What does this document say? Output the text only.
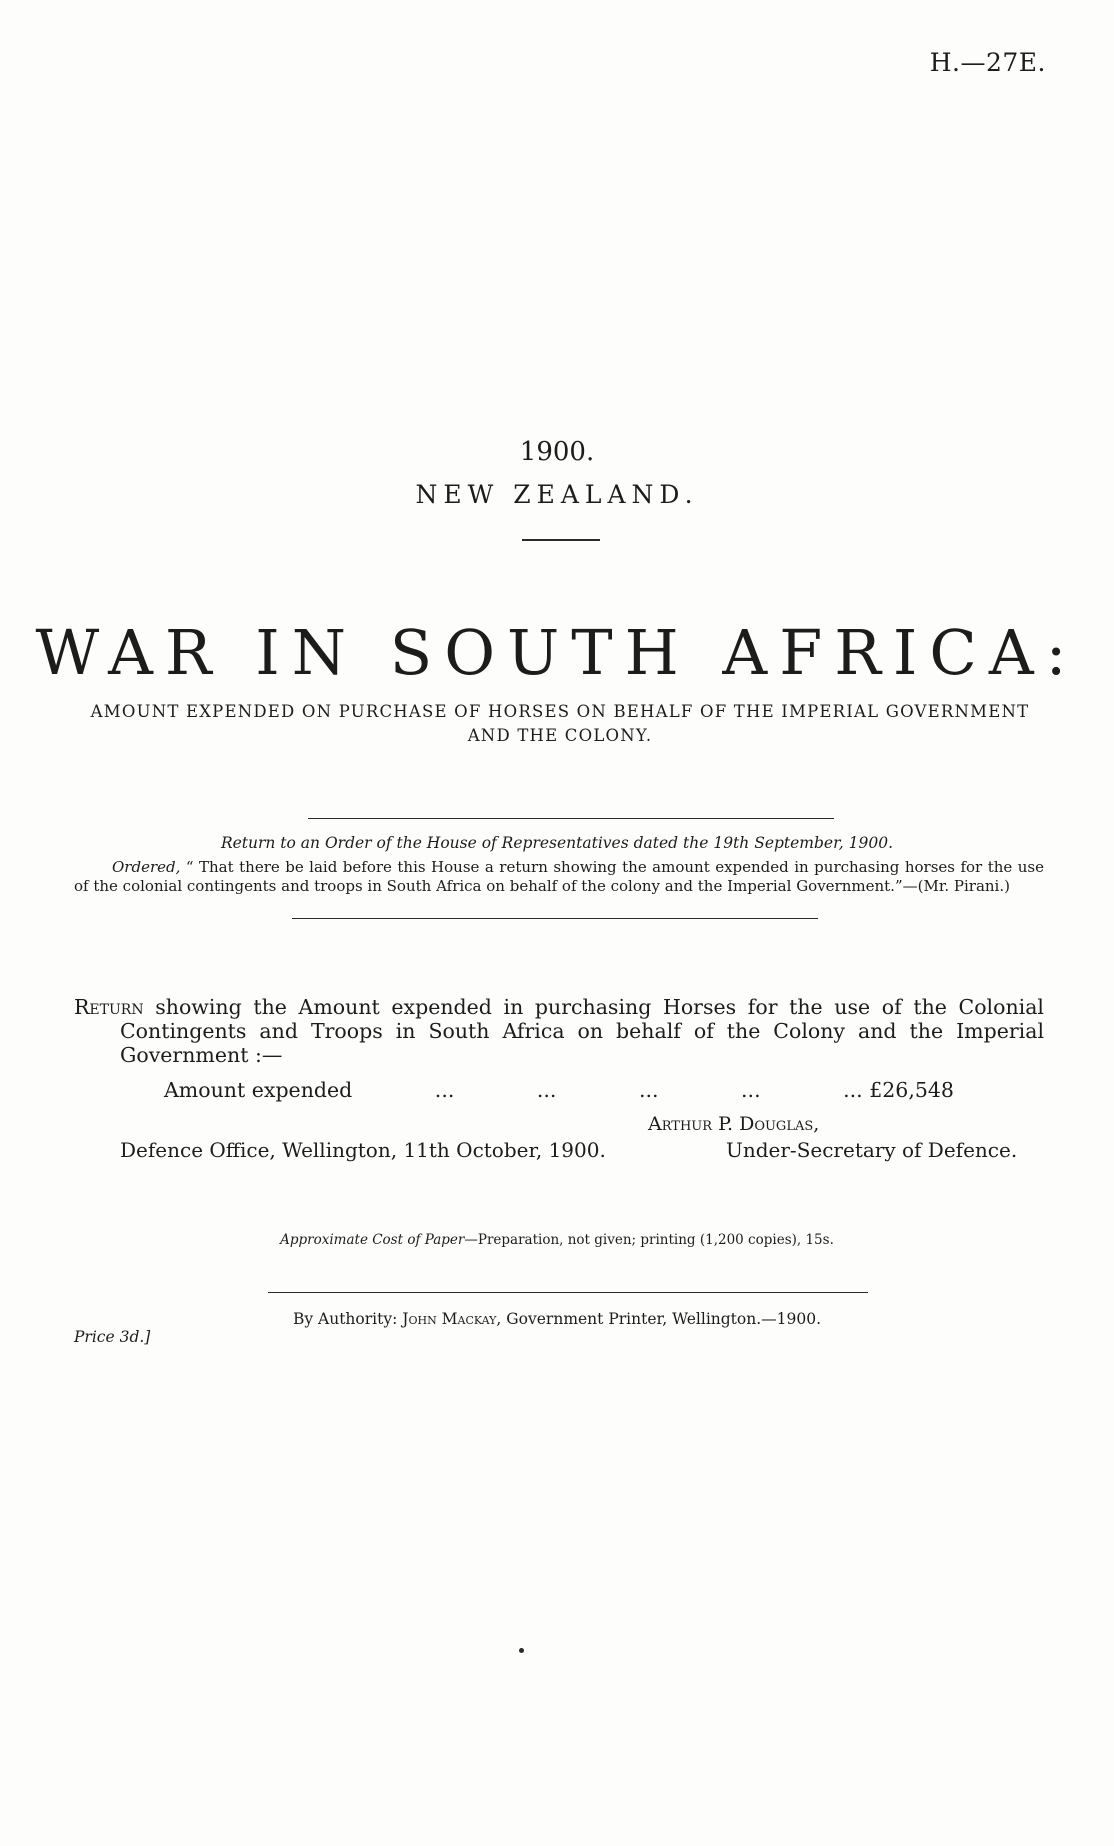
H.—27E.
1900.
NEW ZEALAND.
WAR IN SOUTH AFRICA:
AMOUNT EXPENDED ON PURCHASE OF HORSES ON BEHALF OF THE IMPERIAL GOVERNMENT AND THE COLONY.
Return to an Order of the House of Representatives dated the 19th September, 1900.
Ordered, “ That there be laid before this House a return showing the amount expended in purchasing horses for the use of the colonial contingents and troops in South Africa on behalf of the colony and the Imperial Government.”—(Mr. Pirani.)

Return showing the Amount expended in purchasing Horses for the use of the Colonial Contingents and Troops in South Africa on behalf of the Colony and the Imperial Government :—

Amount expended	...	...	...	...	... £26,548
Arthur P. Douglas,
Defence Office, Wellington, 11th October, 1900.	Under-Secretary of Defence.
Approximate Cost of Paper—Preparation, not given; printing (1,200 copies), 15s.
By Authority: John Mackay, Government Printer, Wellington.—1900.
Price 3d.]
